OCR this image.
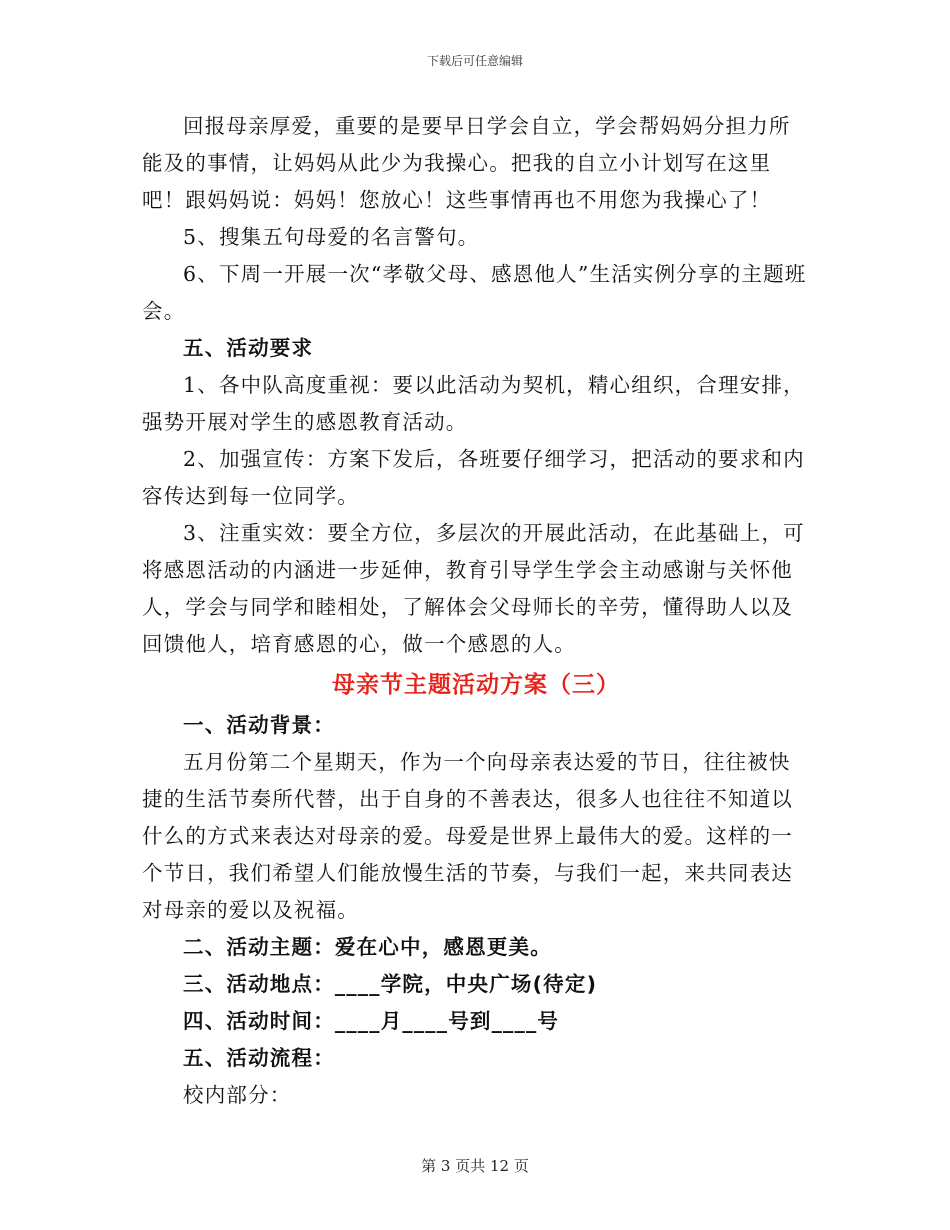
下载后可任意编辑

回报母亲厚爱，重要的是要早日学会自立，学会帮妈妈分担力所能及的事情，让妈妈从此少为我操心。把我的自立小计划写在这里吧！跟妈妈说：妈妈！您放心！这些事情再也不用您为我操心了！

5、搜集五句母爱的名言警句。

6、下周一开展一次“孝敬父母、感恩他人”生活实例分享的主题班会。

五、活动要求

1、各中队高度重视：要以此活动为契机，精心组织，合理安排，强势开展对学生的感恩教育活动。

2、加强宣传：方案下发后，各班要仔细学习，把活动的要求和内容传达到每一位同学。

3、注重实效：要全方位，多层次的开展此活动，在此基础上，可将感恩活动的内涵进一步延伸，教育引导学生学会主动感谢与关怀他人，学会与同学和睦相处，了解体会父母师长的辛劳，懂得助人以及回馈他人，培育感恩的心，做一个感恩的人。

母亲节主题活动方案（三）

一、活动背景：

五月份第二个星期天，作为一个向母亲表达爱的节日，往往被快捷的生活节奏所代替，出于自身的不善表达，很多人也往往不知道以什么的方式来表达对母亲的爱。母爱是世界上最伟大的爱。这样的一个节日，我们希望人们能放慢生活的节奏，与我们一起，来共同表达对母亲的爱以及祝福。

二、活动主题：爱在心中，感恩更美。

三、活动地点：____学院，中央广场(待定)

四、活动时间：____月____号到____号

五、活动流程：

校内部分：

第 3 页共 12 页
